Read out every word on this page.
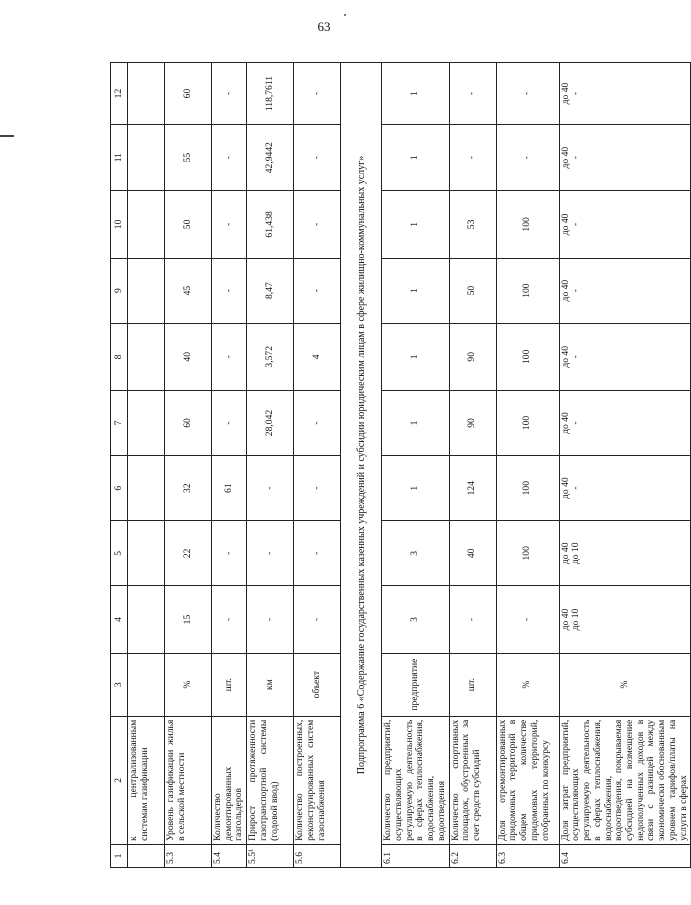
63
1	2	3	4	5	6	7	8	9	10	11	12
	к централизованным системам газификации										
5.3	Уровень газификации жилья в сельской местности	%	15	22	32	60	40	45	50	55	60
5.4	Количество демонтированных газгольдеров	шт.	-	-	61	-	-	-	-	-	-
5.5¹	Прирост протяженности газотранспортной системы (годовой ввод)	км	-	-	-	28,042	3,572	8,47	61,438	42,9442	118,7611
5.6	Количество построенных, реконструированных систем газоснабжения	объект	-	-	-	-	4	-	-	-	-
Подпрограмма 6 «Содержание государственных казенных учреждений и субсидии юридическим лицам в сфере жилищно-коммунальных услуг»											
6.1	Количество предприятий, осуществляющих регулируемую деятельность в сферах теплоснабжения, водоснабжения, водоотведения	предприятие	3	3	1	1	1	1	1	1	1
6.2	Количество спортивных площадок, обустроенных за счет средств субсидий	шт.	-	40	124	90	90	50	53	-	-
6.3	Доля отремонтированных придомовых территорий в общем количестве придомовых территорий, отобранных по конкурсу	%	-	100	100	100	100	100	100	-	-
6.4	Доля затрат предприятий, осуществляющих регулируемую деятельность в сферах теплоснабжения, водоснабжения, водоотведения, покрываемая субсидией на возмещение недополученных доходов в связи с разницей между экономически обоснованным уровнем тарифов/платы на услуги в сферах	%	до 40 до 10	до 40 до 10	до 40 -	до 40 -	до 40 -	до 40 -	до 40 -	до 40 -	до 40 -
